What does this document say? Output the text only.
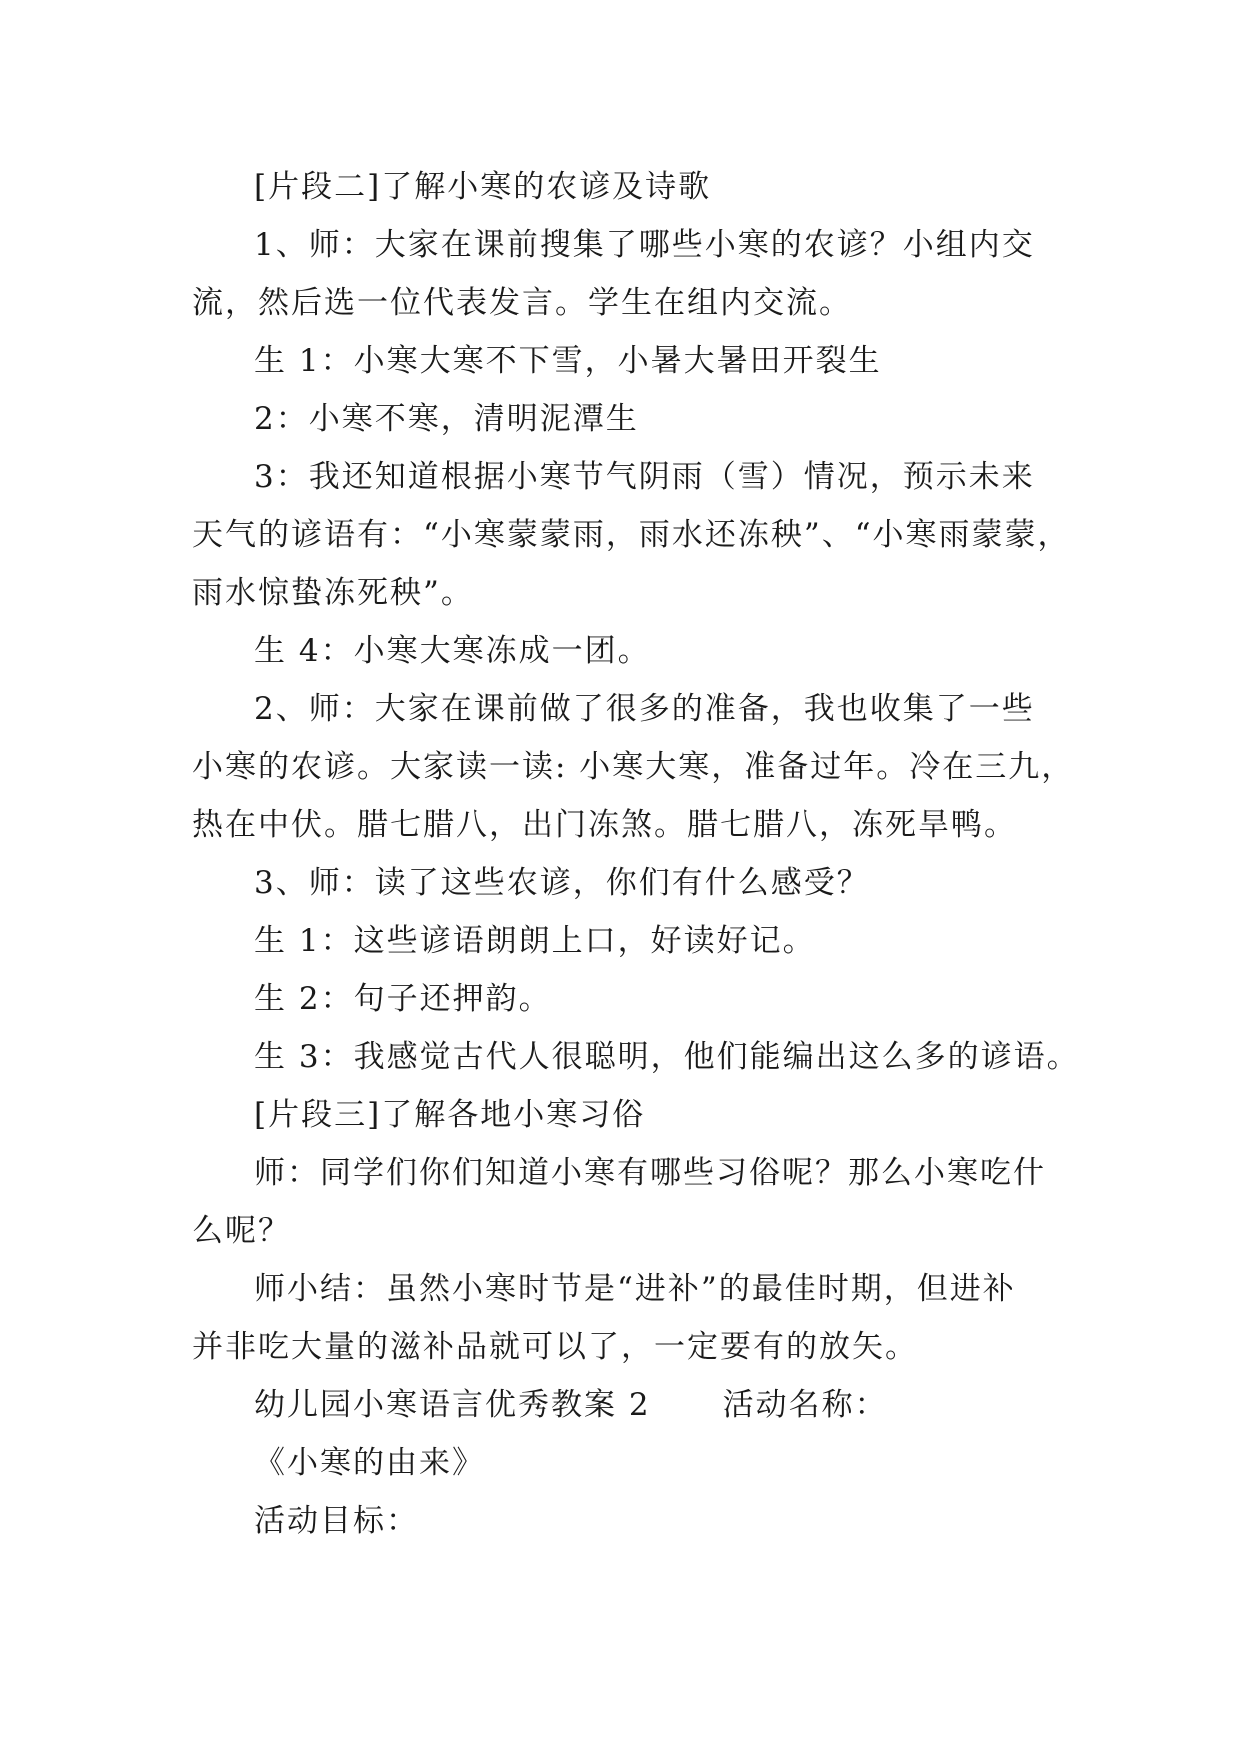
[片段二]了解小寒的农谚及诗歌
1、师：大家在课前搜集了哪些小寒的农谚？小组内交
流，然后选一位代表发言。学生在组内交流。
生 1：小寒大寒不下雪，小暑大暑田开裂生
2：小寒不寒，清明泥潭生
3：我还知道根据小寒节气阴雨（雪）情况，预示未来
天气的谚语有：“小寒蒙蒙雨，雨水还冻秧”、“小寒雨蒙蒙，
雨水惊蛰冻死秧”。
生 4：小寒大寒冻成一团。
2、师：大家在课前做了很多的准备，我也收集了一些
小寒的农谚。大家读一读: 小寒大寒，准备过年。冷在三九，
热在中伏。腊七腊八，出门冻煞。腊七腊八，冻死旱鸭。
3、师：读了这些农谚，你们有什么感受？
生 1：这些谚语朗朗上口，好读好记。
生 2：句子还押韵。
生 3：我感觉古代人很聪明，他们能编出这么多的谚语。
[片段三]了解各地小寒习俗
师：同学们你们知道小寒有哪些习俗呢？那么小寒吃什
么呢？
师小结：虽然小寒时节是“进补”的最佳时期，但进补
并非吃大量的滋补品就可以了，一定要有的放矢。
幼儿园小寒语言优秀教案 2 活动名称：
《小寒的由来》
活动目标：
